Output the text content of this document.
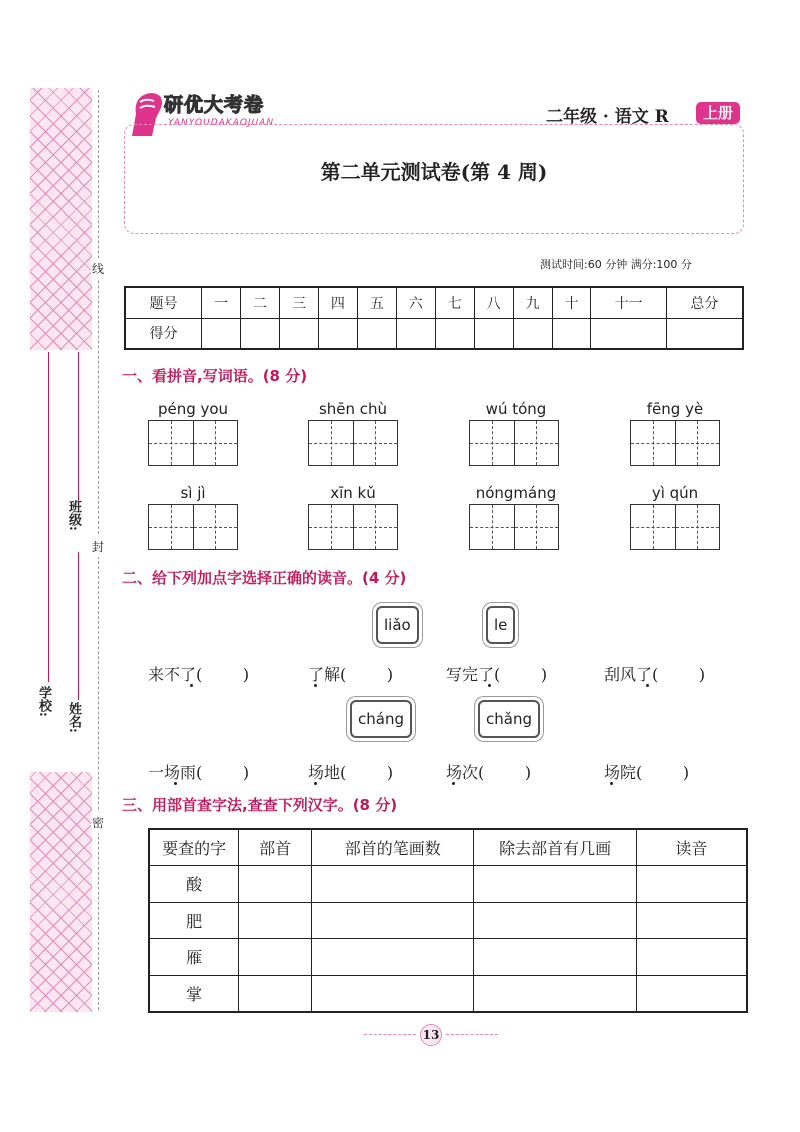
线
封
密
班级:
姓名:
学校:
研优大考卷
YANYOUDAKAOJUAN	二年级 · 语文 R	上册
第二单元测试卷(第 4 周)
测试时间:60 分钟 满分:100 分
题号	一	二	三	四	五	六	七	八	九	十	十一	总分
得分												
一、看拼音,写词语。(8 分)
péng you	shēn chù	wú tóng	fēng yè
sì jì	xīn kǔ	nóngmáng	yì qún
二、给下列加点字选择正确的读音。(4 分)
liǎo	le
来不了(        )	了解(        )	写完了(        )	刮风了(        )
cháng	chǎng
一场雨(        )	场地(        )	场次(        )	场院(        )
三、用部首查字法,查查下列汉字。(8 分)
要查的字	部首	部首的笔画数	除去部首有几画	读音
酸				
肥				
雁				
掌				
13
